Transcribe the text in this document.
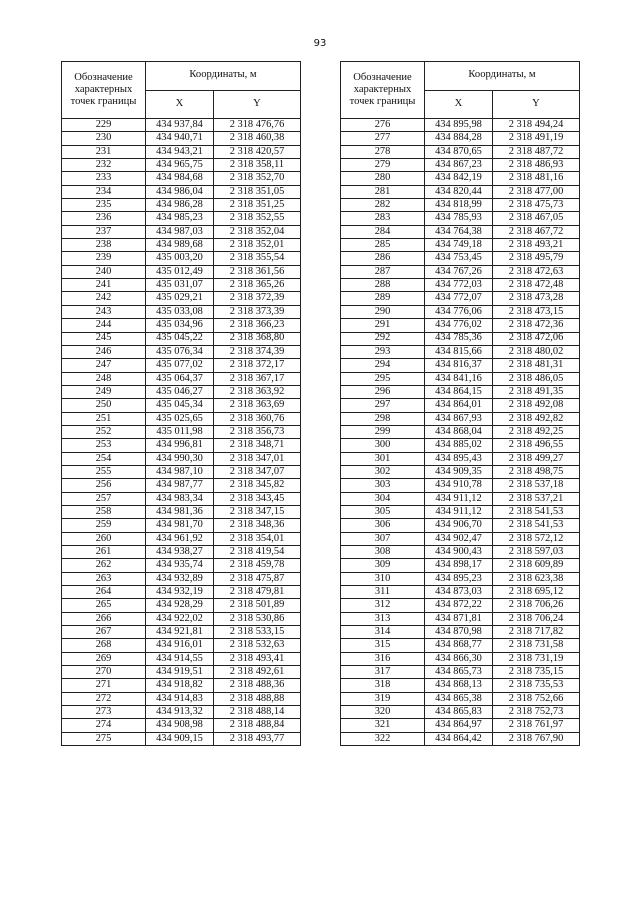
93
Обозначение характерных точек границы	Координаты, м	
	X	Y
229	434 937,84	2 318 476,76
230	434 940,71	2 318 460,38
231	434 943,21	2 318 420,57
232	434 965,75	2 318 358,11
233	434 984,68	2 318 352,70
234	434 986,04	2 318 351,05
235	434 986,28	2 318 351,25
236	434 985,23	2 318 352,55
237	434 987,03	2 318 352,04
238	434 989,68	2 318 352,01
239	435 003,20	2 318 355,54
240	435 012,49	2 318 361,56
241	435 031,07	2 318 365,26
242	435 029,21	2 318 372,39
243	435 033,08	2 318 373,39
244	435 034,96	2 318 366,23
245	435 045,22	2 318 368,80
246	435 076,34	2 318 374,39
247	435 077,02	2 318 372,17
248	435 064,37	2 318 367,17
249	435 046,27	2 318 363,92
250	435 045,34	2 318 363,69
251	435 025,65	2 318 360,76
252	435 011,98	2 318 356,73
253	434 996,81	2 318 348,71
254	434 990,30	2 318 347,01
255	434 987,10	2 318 347,07
256	434 987,77	2 318 345,82
257	434 983,34	2 318 343,45
258	434 981,36	2 318 347,15
259	434 981,70	2 318 348,36
260	434 961,92	2 318 354,01
261	434 938,27	2 318 419,54
262	434 935,74	2 318 459,78
263	434 932,89	2 318 475,87
264	434 932,19	2 318 479,81
265	434 928,29	2 318 501,89
266	434 922,02	2 318 530,86
267	434 921,81	2 318 533,15
268	434 916,01	2 318 532,63
269	434 914,55	2 318 493,41
270	434 919,51	2 318 492,61
271	434 918,82	2 318 488,36
272	434 914,83	2 318 488,88
273	434 913,32	2 318 488,14
274	434 908,98	2 318 488,84
275	434 909,15	2 318 493,77
Обозначение характерных точек границы	Координаты, м	
	X	Y
276	434 895,98	2 318 494,24
277	434 884,28	2 318 491,19
278	434 870,65	2 318 487,72
279	434 867,23	2 318 486,93
280	434 842,19	2 318 481,16
281	434 820,44	2 318 477,00
282	434 818,99	2 318 475,73
283	434 785,93	2 318 467,05
284	434 764,38	2 318 467,72
285	434 749,18	2 318 493,21
286	434 753,45	2 318 495,79
287	434 767,26	2 318 472,63
288	434 772,03	2 318 472,48
289	434 772,07	2 318 473,28
290	434 776,06	2 318 473,15
291	434 776,02	2 318 472,36
292	434 785,36	2 318 472,06
293	434 815,66	2 318 480,02
294	434 816,37	2 318 481,31
295	434 841,16	2 318 486,05
296	434 864,15	2 318 491,35
297	434 864,01	2 318 492,08
298	434 867,93	2 318 492,82
299	434 868,04	2 318 492,25
300	434 885,02	2 318 496,55
301	434 895,43	2 318 499,27
302	434 909,35	2 318 498,75
303	434 910,78	2 318 537,18
304	434 911,12	2 318 537,21
305	434 911,12	2 318 541,53
306	434 906,70	2 318 541,53
307	434 902,47	2 318 572,12
308	434 900,43	2 318 597,03
309	434 898,17	2 318 609,89
310	434 895,23	2 318 623,38
311	434 873,03	2 318 695,12
312	434 872,22	2 318 706,26
313	434 871,81	2 318 706,24
314	434 870,98	2 318 717,82
315	434 868,77	2 318 731,58
316	434 866,30	2 318 731,19
317	434 865,73	2 318 735,15
318	434 868,13	2 318 735,53
319	434 865,38	2 318 752,66
320	434 865,83	2 318 752,73
321	434 864,97	2 318 761,97
322	434 864,42	2 318 767,90
